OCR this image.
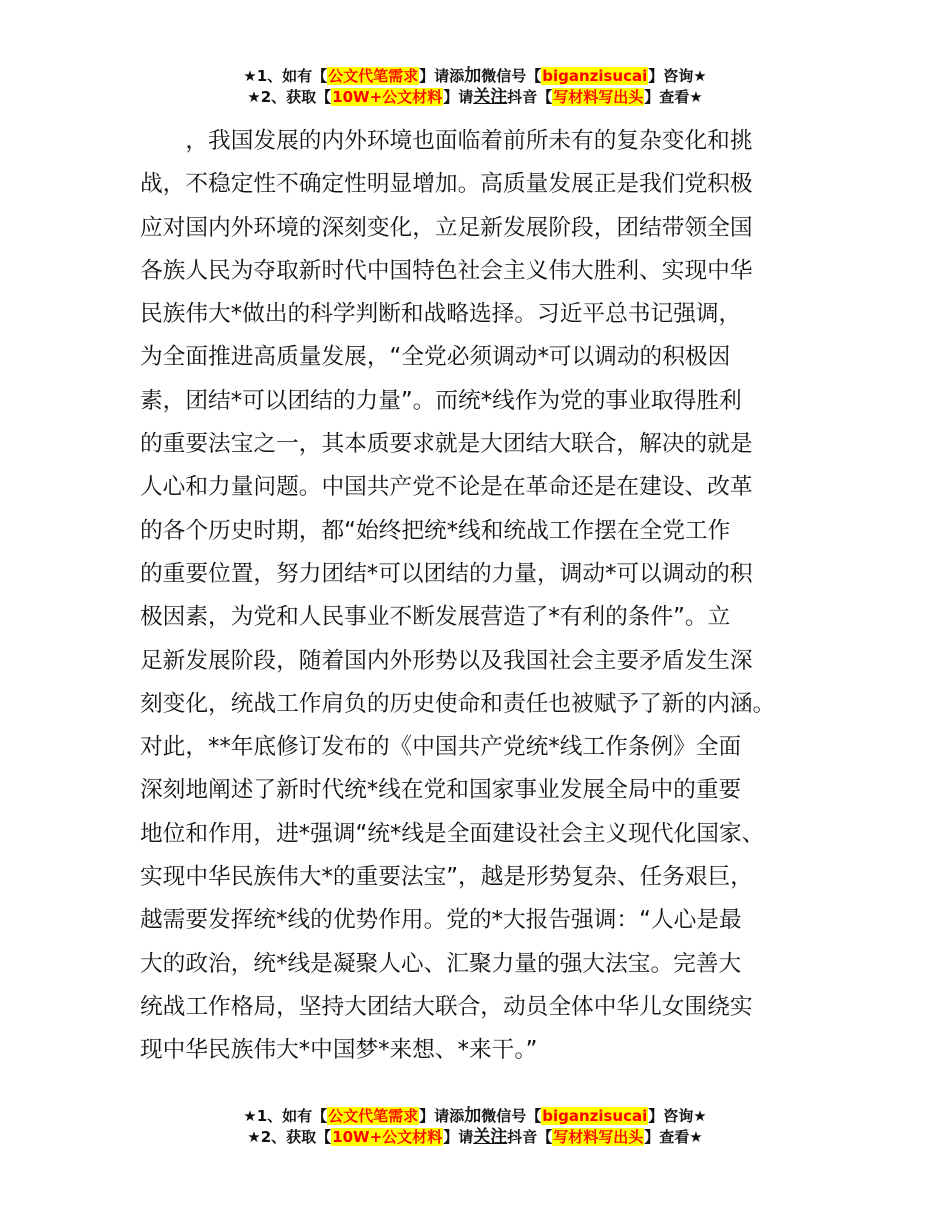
★1、如有【公文代笔需求】请添加微信号【biganzisucai】咨询★
★2、获取【10W+公文材料】请关注抖音【写材料写出头】查看★
　　，我国发展的内外环境也面临着前所未有的复杂变化和挑
战，不稳定性不确定性明显增加。高质量发展正是我们党积极
应对国内外环境的深刻变化，立足新发展阶段，团结带领全国
各族人民为夺取新时代中国特色社会主义伟大胜利、实现中华
民族伟大*做出的科学判断和战略选择。习近平总书记强调，
为全面推进高质量发展，“全党必须调动*可以调动的积极因
素，团结*可以团结的力量”。而统*线作为党的事业取得胜利
的重要法宝之一，其本质要求就是大团结大联合，解决的就是
人心和力量问题。中国共产党不论是在革命还是在建设、改革
的各个历史时期，都“始终把统*线和统战工作摆在全党工作
的重要位置，努力团结*可以团结的力量，调动*可以调动的积
极因素，为党和人民事业不断发展营造了*有利的条件”。立
足新发展阶段，随着国内外形势以及我国社会主要矛盾发生深
刻变化，统战工作肩负的历史使命和责任也被赋予了新的内涵。
对此，**年底修订发布的《中国共产党统*线工作条例》全面
深刻地阐述了新时代统*线在党和国家事业发展全局中的重要
地位和作用，进*强调“统*线是全面建设社会主义现代化国家、
实现中华民族伟大*的重要法宝”，越是形势复杂、任务艰巨，
越需要发挥统*线的优势作用。党的*大报告强调：“人心是最
大的政治，统*线是凝聚人心、汇聚力量的强大法宝。完善大
统战工作格局，坚持大团结大联合，动员全体中华儿女围绕实
现中华民族伟大*中国梦*来想、*来干。”
★1、如有【公文代笔需求】请添加微信号【biganzisucai】咨询★
★2、获取【10W+公文材料】请关注抖音【写材料写出头】查看★
